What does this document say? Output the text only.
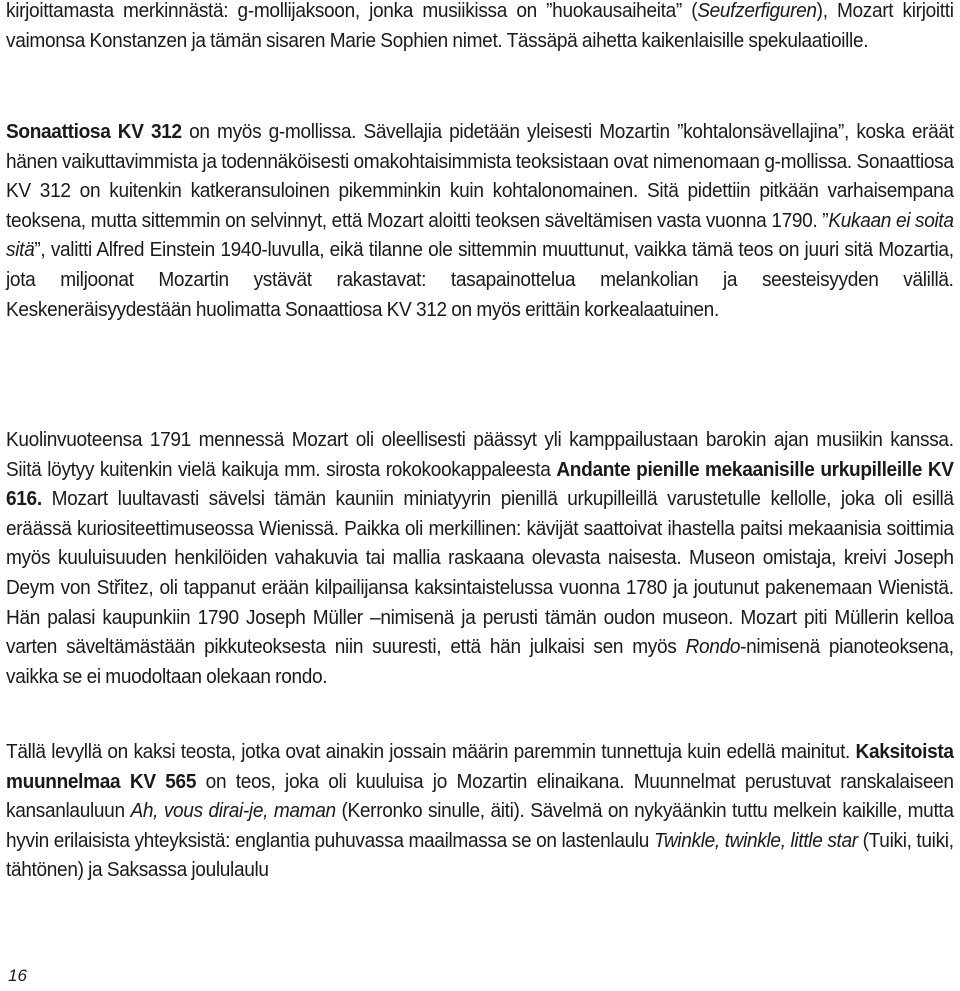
kirjoittamasta merkinnästä: g-mollijaksoon, jonka musiikissa on ”huokausaiheita” (Seufzerfiguren), Mozart kirjoitti vaimonsa Konstanzen ja tämän sisaren Marie Sophien nimet. Tässäpä aihetta kaikenlaisille spekulaatioille.

Sonaattiosa KV 312 on myös g-mollissa. Sävellajia pidetään yleisesti Mozartin ”kohtalonsävellajina”, koska eräät hänen vaikuttavimmista ja todennäköisesti omakohtaisimmista teoksistaan ovat nimenomaan g-mollissa. Sonaattiosa KV 312 on kuitenkin katkeransuloinen pikemminkin kuin kohtalonomainen. Sitä pidettiin pitkään varhaisempana teoksena, mutta sittemmin on selvinnyt, että Mozart aloitti teoksen säveltämisen vasta vuonna 1790. ”Kukaan ei soita sitä”, valitti Alfred Einstein 1940-luvulla, eikä tilanne ole sittemmin muuttunut, vaikka tämä teos on juuri sitä Mozartia, jota miljoonat Mozartin ystävät rakastavat: tasapainottelua melankolian ja seesteisyyden välillä. Keskeneräisyydestään huolimatta Sonaattiosa KV 312 on myös erittäin korkealaatuinen.

Kuolinvuoteensa 1791 mennessä Mozart oli oleellisesti päässyt yli kamppailustaan barokin ajan musiikin kanssa. Siitä löytyy kuitenkin vielä kaikuja mm. sirosta rokokookappaleesta Andante pienille mekaanisille urkupilleille KV 616. Mozart luultavasti sävelsi tämän kauniin miniatyyrin pienillä urkupilleillä varustetulle kellolle, joka oli esillä eräässä kuriositeettimuseossa Wienissä. Paikka oli merkillinen: kävijät saattoivat ihastella paitsi mekaanisia soittimia myös kuuluisuuden henkilöiden vahakuvia tai mallia raskaana olevasta naisesta. Museon omistaja, kreivi Joseph Deym von Střitez, oli tappanut erään kilpailijansa kaksintaistelussa vuonna 1780 ja joutunut pakenemaan Wienistä. Hän palasi kaupunkiin 1790 Joseph Müller –nimisenä ja perusti tämän oudon museon. Mozart piti Müllerin kelloa varten säveltämästään pikkuteoksesta niin suuresti, että hän julkaisi sen myös Rondo-nimisenä pianoteoksena, vaikka se ei muodoltaan olekaan rondo.

Tällä levyllä on kaksi teosta, jotka ovat ainakin jossain määrin paremmin tunnettuja kuin edellä mainitut. Kaksitoista muunnelmaa KV 565 on teos, joka oli kuuluisa jo Mozartin elinaikana. Muunnelmat perustuvat ranskalaiseen kansanlauluun Ah, vous dirai-je, maman (Kerronko sinulle, äiti). Sävelmä on nykyäänkin tuttu melkein kaikille, mutta hyvin erilaisista yhteyksistä: englantia puhuvassa maailmassa se on lastenlaulu Twinkle, twinkle, little star (Tuiki, tuiki, tähtönen) ja Saksassa joululaulu

16
